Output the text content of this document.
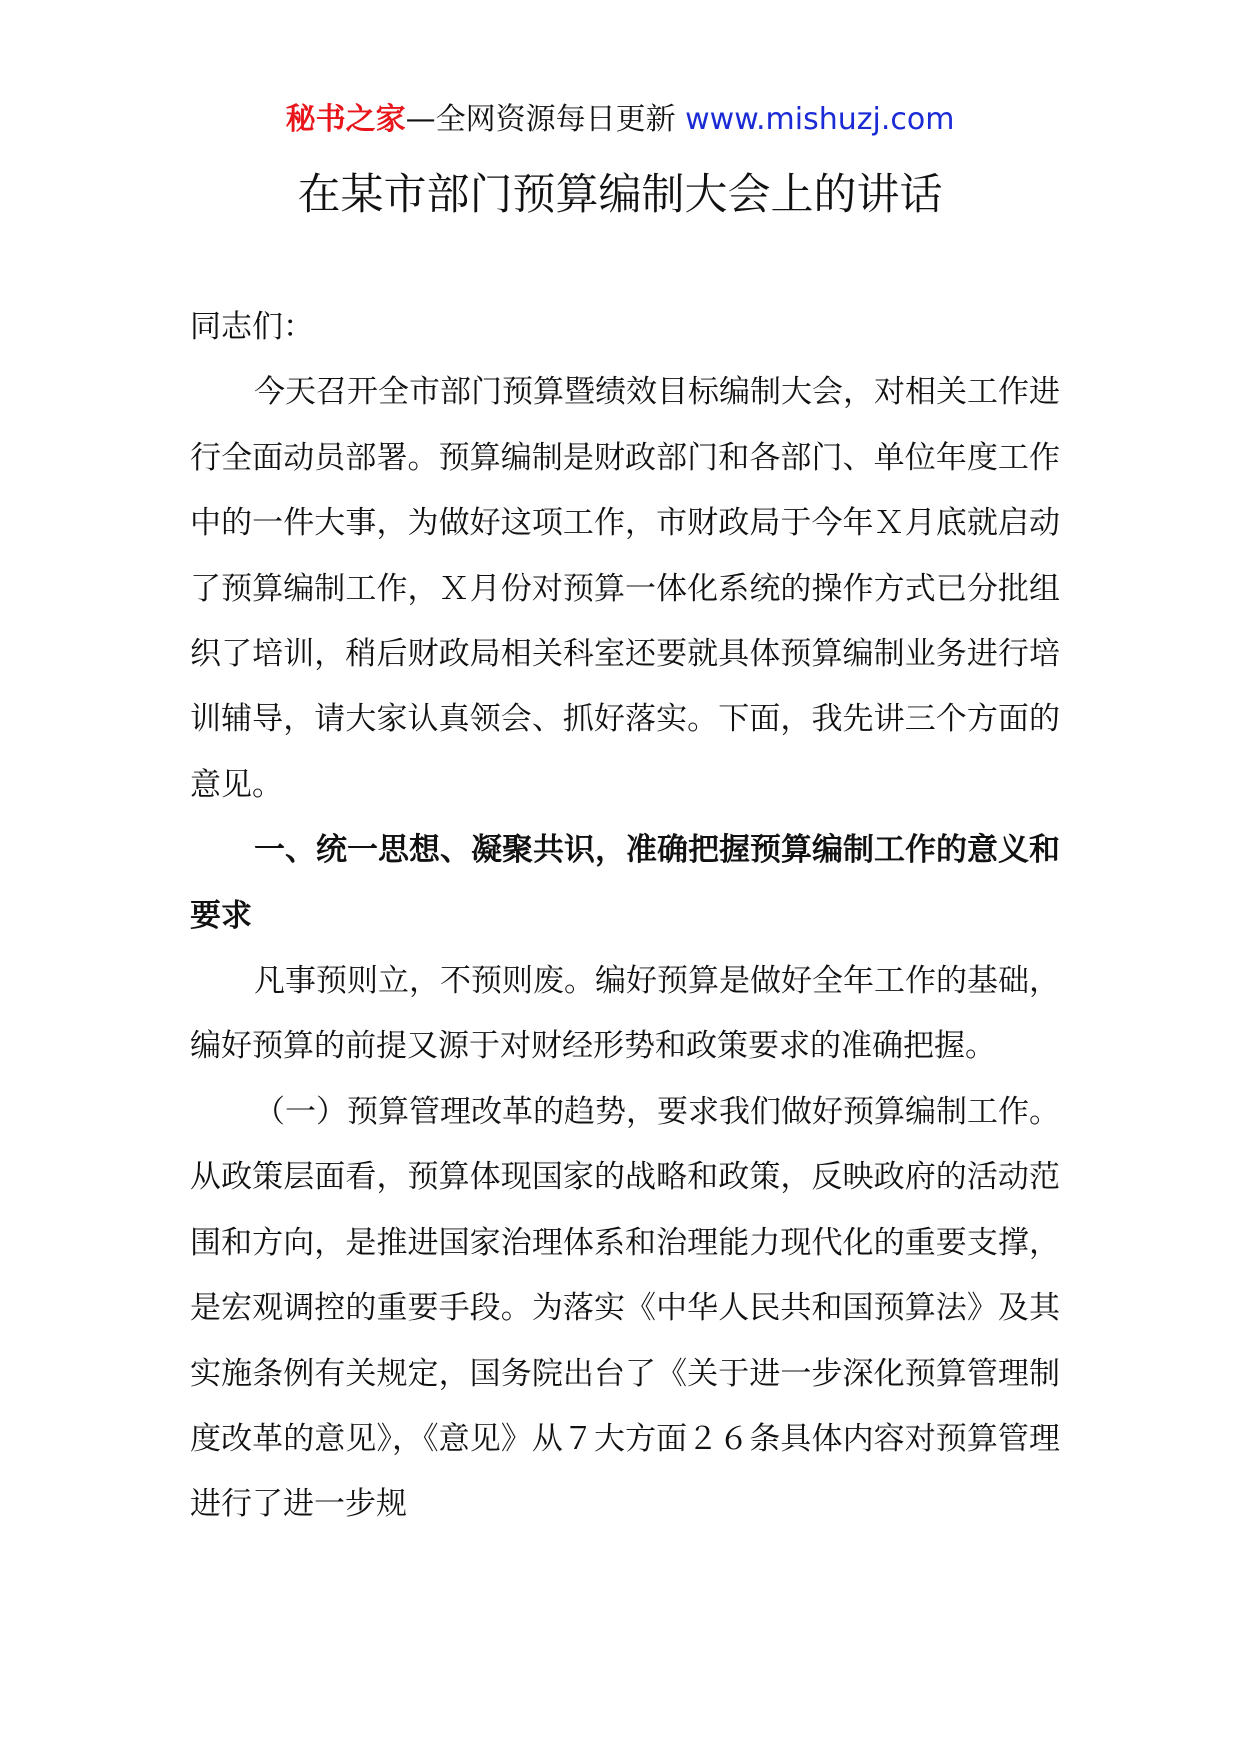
秘书之家—全网资源每日更新 www.mishuzj.com
在某市部门预算编制大会上的讲话

同志们：

今天召开全市部门预算暨绩效目标编制大会，对相关工作进行全面动员部署。预算编制是财政部门和各部门、单位年度工作中的一件大事，为做好这项工作，市财政局于今年Ｘ月底就启动了预算编制工作，Ｘ月份对预算一体化系统的操作方式已分批组织了培训，稍后财政局相关科室还要就具体预算编制业务进行培训辅导，请大家认真领会、抓好落实。下面，我先讲三个方面的意见。

一、统一思想、凝聚共识，准确把握预算编制工作的意义和要求

凡事预则立，不预则废。编好预算是做好全年工作的基础，编好预算的前提又源于对财经形势和政策要求的准确把握。

（一）预算管理改革的趋势，要求我们做好预算编制工作。从政策层面看，预算体现国家的战略和政策，反映政府的活动范围和方向，是推进国家治理体系和治理能力现代化的重要支撑，是宏观调控的重要手段。为落实《中华人民共和国预算法》及其实施条例有关规定，国务院出台了《关于进一步深化预算管理制度改革的意见》，《意见》从７大方面２６条具体内容对预算管理进行了进一步规
